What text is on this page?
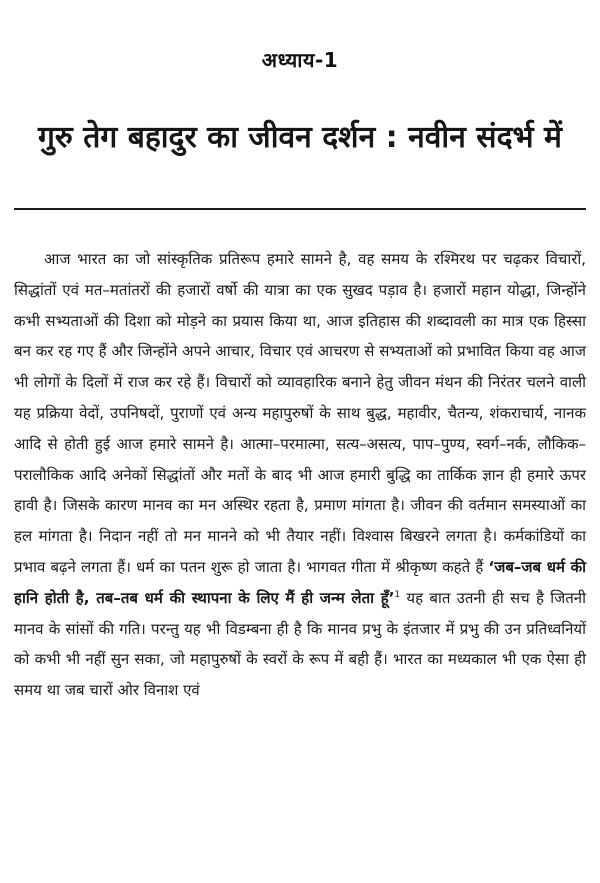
अध्याय-1
गुरु तेग बहादुर का जीवन दर्शन : नवीन संदर्भ में

आज भारत का जो सांस्कृतिक प्रतिरूप हमारे सामने है, वह समय के रश्मिरथ पर चढ़कर विचारों, सिद्धांतों एवं मत–मतांतरों की हजारों वर्षो की यात्रा का एक सुखद पड़ाव है। हजारों महान योद्धा, जिन्होंने कभी सभ्यताओं की दिशा को मोड़ने का प्रयास किया था, आज इतिहास की शब्दावली का मात्र एक हिस्सा बन कर रह गए हैं और जिन्होंने अपने आचार, विचार एवं आचरण से सभ्यताओं को प्रभावित किया वह आज भी लोगों के दिलों में राज कर रहे हैं। विचारों को व्यावहारिक बनाने हेतु जीवन मंथन की निरंतर चलने वाली यह प्रक्रिया वेदों, उपनिषदों, पुराणों एवं अन्य महापुरुषों के साथ बुद्ध, महावीर, चैतन्य, शंकराचार्य, नानक आदि से होती हुई आज हमारे सामने है। आत्मा–परमात्मा, सत्य–असत्य, पाप–पुण्य, स्वर्ग–नर्क, लौकिक–परालौकिक आदि अनेकों सिद्धांतों और मतों के बाद भी आज हमारी बुद्धि का तार्किक ज्ञान ही हमारे ऊपर हावी है। जिसके कारण मानव का मन अस्थिर रहता है, प्रमाण मांगता है। जीवन की वर्तमान समस्याओं का हल मांगता है। निदान नहीं तो मन मानने को भी तैयार नहीं। विश्वास बिखरने लगता है। कर्मकांडियों का प्रभाव बढ़ने लगता हैं। धर्म का पतन शुरू हो जाता है। भागवत गीता में श्रीकृष्ण कहते हैं ‘जब–जब धर्म की हानि होती है, तब–तब धर्म की स्थापना के लिए मैं ही जन्म लेता हूँ’$^1$ यह बात उतनी ही सच है जितनी मानव के सांसों की गति। परन्तु यह भी विडम्बना ही है कि मानव प्रभु के इंतजार में प्रभु की उन प्रतिध्वनियों को कभी भी नहीं सुन सका, जो महापुरुषों के स्वरों के रूप में बही हैं। भारत का मध्यकाल भी एक ऐसा ही समय था जब चारों ओर विनाश एवं
